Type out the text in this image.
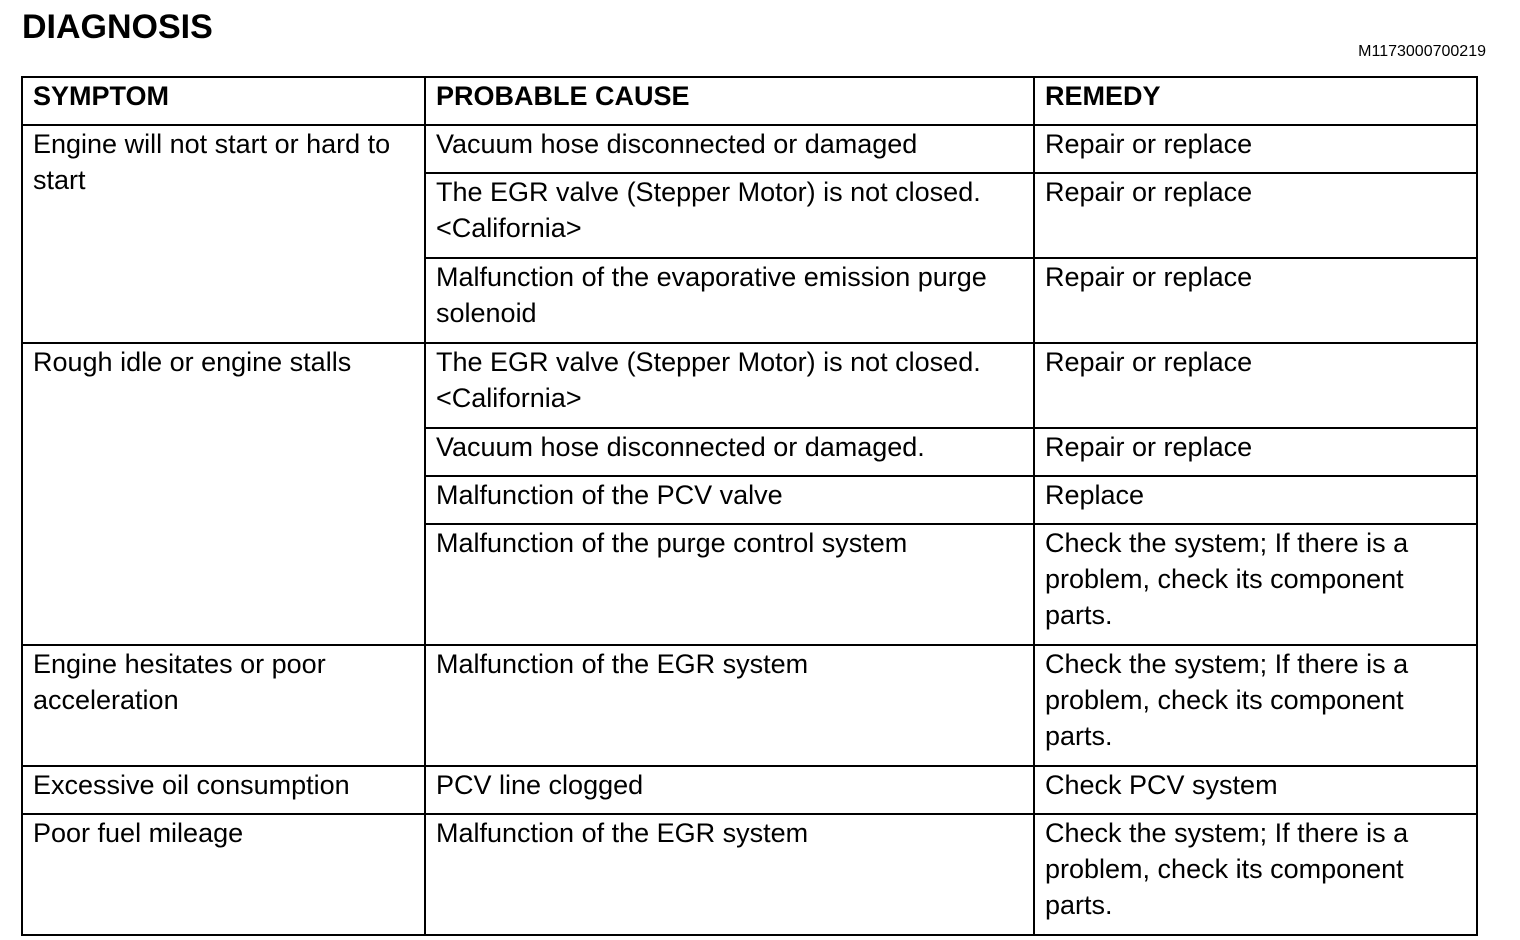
DIAGNOSIS
M1173000700219
SYMPTOM	PROBABLE CAUSE	REMEDY
Engine will not start or hard to start	Vacuum hose disconnected or damaged	Repair or replace
	The EGR valve (Stepper Motor) is not closed. <California>	Repair or replace
	Malfunction of the evaporative emission purge solenoid	Repair or replace
Rough idle or engine stalls	The EGR valve (Stepper Motor) is not closed. <California>	Repair or replace
	Vacuum hose disconnected or damaged.	Repair or replace
	Malfunction of the PCV valve	Replace
	Malfunction of the purge control system	Check the system; If there is a problem, check its component parts.
Engine hesitates or poor acceleration	Malfunction of the EGR system	Check the system; If there is a problem, check its component parts.
Excessive oil consumption	PCV line clogged	Check PCV system
Poor fuel mileage	Malfunction of the EGR system	Check the system; If there is a problem, check its component parts.
